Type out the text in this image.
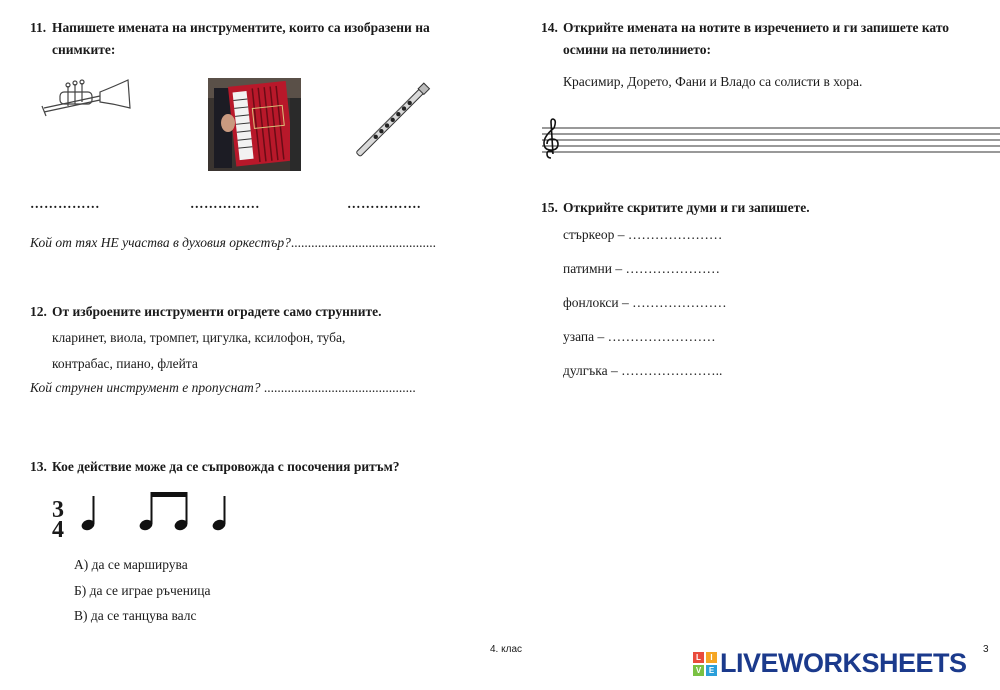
11. Напишете имената на инструментите, които са изобразени на
снимките:
……………	……………	…………….
Кой от тях НЕ участва в духовия оркестър?...........................................
12. От изброените инструменти оградете само струнните.
кларинет, виола, тромпет, цигулка, ксилофон, туба,
контрабас, пиано, флейта
Кой струнен инструмент е пропуснат? .............................................
13. Кое действие може да се съпровожда с посочения ритъм?
3
4
А) да се марширува
Б) да се играе ръченица
В) да се танцува валс
14. Открийте имената на нотите в изречението и ги запишете като
осмини на петолинието:
Красимир, Дорето, Фани и Владо са солисти в хора.
15. Открийте скритите думи и ги запишете.
стъркеор – …………………
патимни – …………………
фонлокси – …………………
узапа – ……………………
дулгъка – …………………..
4. клас	3
L	I
V E LIVEWORKSHEETS
